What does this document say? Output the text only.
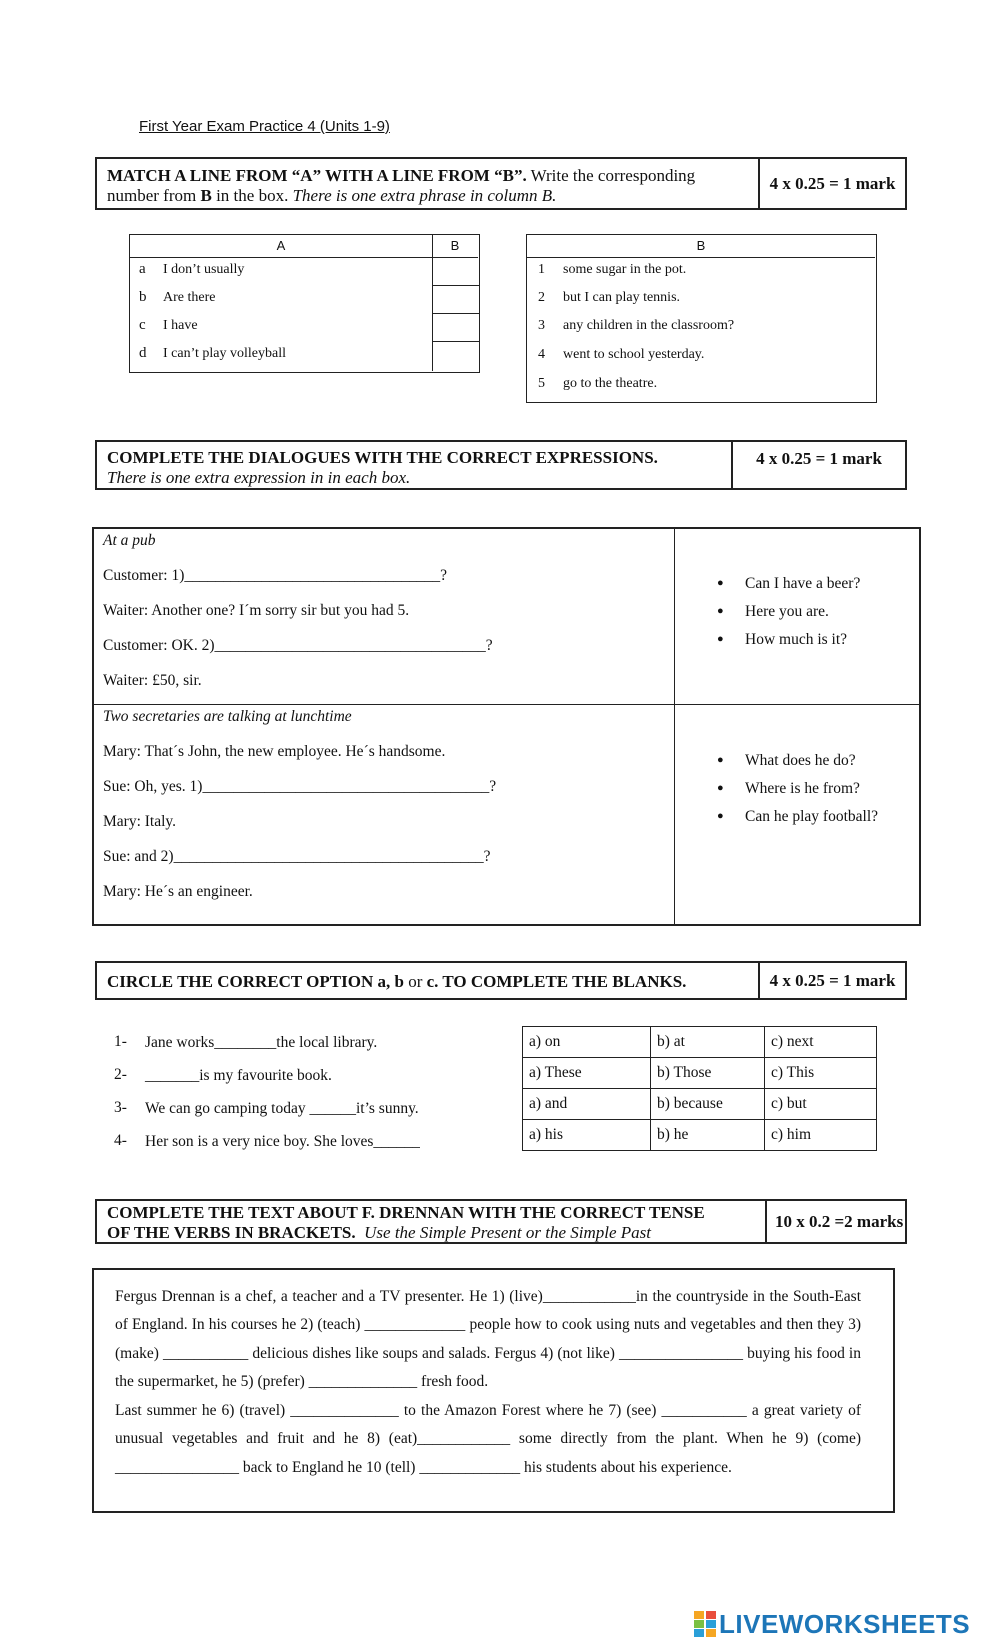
First Year Exam Practice 4 (Units 1-9)
MATCH A LINE FROM “A” WITH A LINE FROM “B”. Write the corresponding number from B in the box. There is one extra phrase in column B.
4 x 0.25 = 1 mark
A	B
a I don’t usually
b Are there
c I have
d I can’t play volleyball
B
1 some sugar in the pot.
2 but I can play tennis.
3 any children in the classroom?
4 went to school yesterday.
5 go to the theatre.
COMPLETE THE DIALOGUES WITH THE CORRECT EXPRESSIONS.
There is one extra expression in in each box.
4 x 0.25 = 1 mark
At a pub
Customer: 1)_________________________________?
Waiter: Another one? I´m sorry sir but you had 5.
Customer: OK. 2)___________________________________?
Waiter: £50, sir.
● Can I have a beer?
● Here you are.
● How much is it?
Two secretaries are talking at lunchtime
Mary: That´s John, the new employee. He´s handsome.
Sue: Oh, yes. 1)_____________________________________?
Mary: Italy.
Sue: and 2)________________________________________?
Mary: He´s an engineer.
● What does he do?
● Where is he from?
● Can he play football?
CIRCLE THE CORRECT OPTION a, b or c. TO COMPLETE THE BLANKS.	4 x 0.25 = 1 mark
1- Jane works________the local library.
2- _______is my favourite book.
3- We can go camping today ______it’s sunny.
4- Her son is a very nice boy. She loves______
a) on	b) at	c) next
a) These	b) Those	c) This
a) and	b) because	c) but
a) his	b) he	c) him
COMPLETE THE TEXT ABOUT F. DRENNAN WITH THE CORRECT TENSE
OF THE VERBS IN BRACKETS. Use the Simple Present or the Simple Past
10 x 0.2 =2 marks
Fergus Drennan is a chef, a teacher and a TV presenter. He 1) (live)____________in the countryside in the South-East of England. In his courses he 2) (teach) _____________ people how to cook using nuts and vegetables and then they 3) (make) ___________ delicious dishes like soups and salads. Fergus 4) (not like) ________________ buying his food in the supermarket, he 5) (prefer) ______________ fresh food.
Last summer he 6) (travel) ______________ to the Amazon Forest where he 7) (see) ___________ a great variety of unusual vegetables and fruit and he 8) (eat)____________ some directly from the plant. When he 9) (come) ________________ back to England he 10 (tell) _____________ his students about his experience.
LIVEWORKSHEETS
